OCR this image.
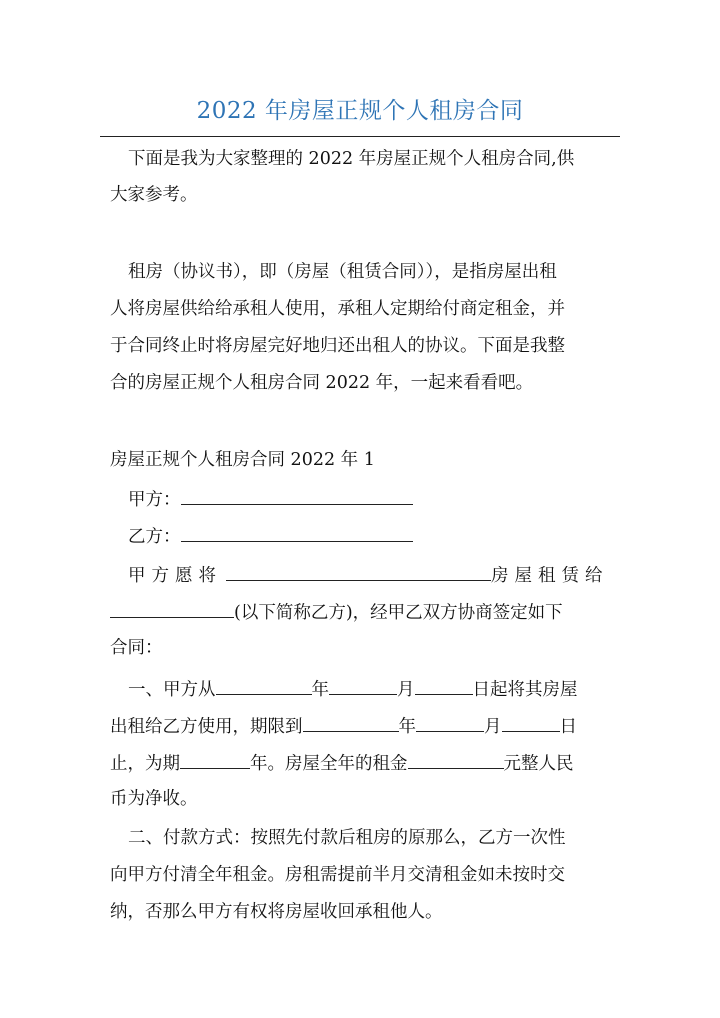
2022 年房屋正规个人租房合同
下面是我为大家整理的 2022 年房屋正规个人租房合同,供
大家参考。
租房（协议书），即（房屋（租赁合同）），是指房屋出租
人将房屋供给给承租人使用，承租人定期给付商定租金，并
于合同终止时将房屋完好地归还出租人的协议。下面是我整
合的房屋正规个人租房合同 2022 年，一起来看看吧。
房屋正规个人租房合同 2022 年 1
甲方：
乙方：
甲方愿将	房屋租赁给
(以下简称乙方)，经甲乙双方协商签定如下
合同：
一、甲方从	年	月	日起将其房屋
出租给乙方使用，期限到	年	月	日
止，为期	年。房屋全年的租金	元整人民
币为净收。
二、付款方式：按照先付款后租房的原那么，乙方一次性
向甲方付清全年租金。房租需提前半月交清租金如未按时交
纳，否那么甲方有权将房屋收回承租他人。
